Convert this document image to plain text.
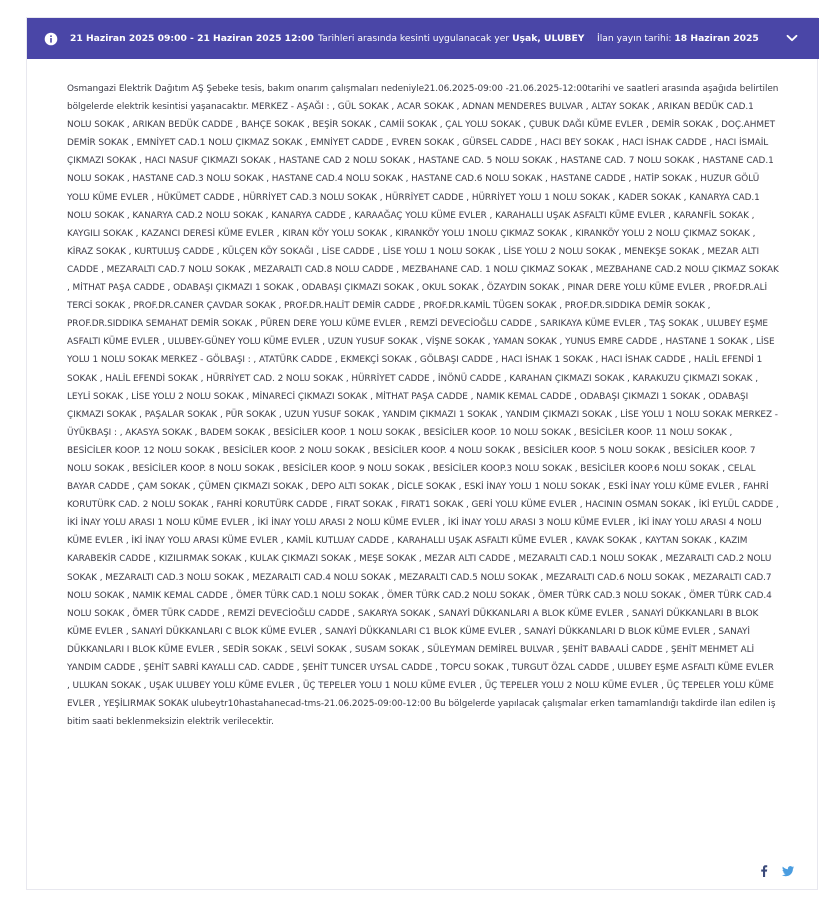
21 Haziran 2025 09:00 - 21 Haziran 2025 12:00 Tarihleri arasında kesinti uygulanacak yer Uşak, ULUBEY İlan yayın tarihi: 18 Haziran 2025
Osmangazi Elektrik Dağıtım AŞ Şebeke tesis, bakım onarım çalışmaları nedeniyle21.06.2025-09:00 -21.06.2025-12:00tarihi ve saatleri arasında aşağıda belirtilen bölgelerde elektrik kesintisi yaşanacaktır. MERKEZ - AŞAĞI : , GÜL SOKAK , ACAR SOKAK , ADNAN MENDERES BULVAR , ALTAY SOKAK , ARIKAN BEDÜK CAD.1 NOLU SOKAK , ARIKAN BEDÜK CADDE , BAHÇE SOKAK , BEŞİR SOKAK , CAMİİ SOKAK , ÇAL YOLU SOKAK , ÇUBUK DAĞI KÜME EVLER , DEMİR SOKAK , DOÇ.AHMET DEMİR SOKAK , EMNİYET CAD.1 NOLU ÇIKMAZ SOKAK , EMNİYET CADDE , EVREN SOKAK , GÜRSEL CADDE , HACI BEY SOKAK , HACI İSHAK CADDE , HACI İSMAİL ÇIKMAZI SOKAK , HACI NASUF ÇIKMAZI SOKAK , HASTANE CAD 2 NOLU SOKAK , HASTANE CAD. 5 NOLU SOKAK , HASTANE CAD. 7 NOLU SOKAK , HASTANE CAD.1 NOLU SOKAK , HASTANE CAD.3 NOLU SOKAK , HASTANE CAD.4 NOLU SOKAK , HASTANE CAD.6 NOLU SOKAK , HASTANE CADDE , HATİP SOKAK , HUZUR GÖLÜ YOLU KÜME EVLER , HÜKÜMET CADDE , HÜRRİYET CAD.3 NOLU SOKAK , HÜRRİYET CADDE , HÜRRİYET YOLU 1 NOLU SOKAK , KADER SOKAK , KANARYA CAD.1 NOLU SOKAK , KANARYA CAD.2 NOLU SOKAK , KANARYA CADDE , KARAAĞAÇ YOLU KÜME EVLER , KARAHALLI UŞAK ASFALTI KÜME EVLER , KARANFİL SOKAK , KAYGILI SOKAK , KAZANCI DERESİ KÜME EVLER , KIRAN KÖY YOLU SOKAK , KIRANKÖY YOLU 1NOLU ÇIKMAZ SOKAK , KIRANKÖY YOLU 2 NOLU ÇIKMAZ SOKAK , KİRAZ SOKAK , KURTULUŞ CADDE , KÜLÇEN KÖY SOKAĞI , LİSE CADDE , LİSE YOLU 1 NOLU SOKAK , LİSE YOLU 2 NOLU SOKAK , MENEKŞE SOKAK , MEZAR ALTI CADDE , MEZARALTI CAD.7 NOLU SOKAK , MEZARALTI CAD.8 NOLU CADDE , MEZBAHANE CAD. 1 NOLU ÇIKMAZ SOKAK , MEZBAHANE CAD.2 NOLU ÇIKMAZ SOKAK , MİTHAT PAŞA CADDE , ODABAŞI ÇIKMAZI 1 SOKAK , ODABAŞI ÇIKMAZI SOKAK , OKUL SOKAK , ÖZAYDIN SOKAK , PINAR DERE YOLU KÜME EVLER , PROF.DR.ALİ TERCİ SOKAK , PROF.DR.CANER ÇAVDAR SOKAK , PROF.DR.HALİT DEMİR CADDE , PROF.DR.KAMİL TÜGEN SOKAK , PROF.DR.SIDDIKA DEMİR SOKAK , PROF.DR.SIDDIKA SEMAHAT DEMİR SOKAK , PÜREN DERE YOLU KÜME EVLER , REMZİ DEVECİOĞLU CADDE , SARIKAYA KÜME EVLER , TAŞ SOKAK , ULUBEY EŞME ASFALTI KÜME EVLER , ULUBEY-GÜNEY YOLU KÜME EVLER , UZUN YUSUF SOKAK , VİŞNE SOKAK , YAMAN SOKAK , YUNUS EMRE CADDE , HASTANE 1 SOKAK , LİSE YOLU 1 NOLU SOKAK MERKEZ - GÖLBAŞI : , ATATÜRK CADDE , EKMEKÇİ SOKAK , GÖLBAŞI CADDE , HACI İSHAK 1 SOKAK , HACI İSHAK CADDE , HALİL EFENDİ 1 SOKAK , HALİL EFENDİ SOKAK , HÜRRİYET CAD. 2 NOLU SOKAK , HÜRRİYET CADDE , İNÖNÜ CADDE , KARAHAN ÇIKMAZI SOKAK , KARAKUZU ÇIKMAZI SOKAK , LEYLİ SOKAK , LİSE YOLU 2 NOLU SOKAK , MİNARECİ ÇIKMAZI SOKAK , MİTHAT PAŞA CADDE , NAMIK KEMAL CADDE , ODABAŞI ÇIKMAZI 1 SOKAK , ODABAŞI ÇIKMAZI SOKAK , PAŞALAR SOKAK , PÜR SOKAK , UZUN YUSUF SOKAK , YANDIM ÇIKMAZI 1 SOKAK , YANDIM ÇIKMAZI SOKAK , LİSE YOLU 1 NOLU SOKAK MERKEZ - ÜYÜKBAŞI : , AKASYA SOKAK , BADEM SOKAK , BESİCİLER KOOP. 1 NOLU SOKAK , BESİCİLER KOOP. 10 NOLU SOKAK , BESİCİLER KOOP. 11 NOLU SOKAK , BESİCİLER KOOP. 12 NOLU SOKAK , BESİCİLER KOOP. 2 NOLU SOKAK , BESİCİLER KOOP. 4 NOLU SOKAK , BESİCİLER KOOP. 5 NOLU SOKAK , BESİCİLER KOOP. 7 NOLU SOKAK , BESİCİLER KOOP. 8 NOLU SOKAK , BESİCİLER KOOP. 9 NOLU SOKAK , BESİCİLER KOOP.3 NOLU SOKAK , BESİCİLER KOOP.6 NOLU SOKAK , CELAL BAYAR CADDE , ÇAM SOKAK , ÇÜMEN ÇIKMAZI SOKAK , DEPO ALTI SOKAK , DİCLE SOKAK , ESKİ İNAY YOLU 1 NOLU SOKAK , ESKİ İNAY YOLU KÜME EVLER , FAHRİ KORUTÜRK CAD. 2 NOLU SOKAK , FAHRİ KORUTÜRK CADDE , FIRAT SOKAK , FIRAT1 SOKAK , GERİ YOLU KÜME EVLER , HACININ OSMAN SOKAK , İKİ EYLÜL CADDE , İKİ İNAY YOLU ARASI 1 NOLU KÜME EVLER , İKİ İNAY YOLU ARASI 2 NOLU KÜME EVLER , İKİ İNAY YOLU ARASI 3 NOLU KÜME EVLER , İKİ İNAY YOLU ARASI 4 NOLU KÜME EVLER , İKİ İNAY YOLU ARASI KÜME EVLER , KAMİL KUTLUAY CADDE , KARAHALLI UŞAK ASFALTI KÜME EVLER , KAVAK SOKAK , KAYTAN SOKAK , KAZIM KARABEKİR CADDE , KIZILIRMAK SOKAK , KULAK ÇIKMAZI SOKAK , MEŞE SOKAK , MEZAR ALTI CADDE , MEZARALTI CAD.1 NOLU SOKAK , MEZARALTI CAD.2 NOLU SOKAK , MEZARALTI CAD.3 NOLU SOKAK , MEZARALTI CAD.4 NOLU SOKAK , MEZARALTI CAD.5 NOLU SOKAK , MEZARALTI CAD.6 NOLU SOKAK , MEZARALTI CAD.7 NOLU SOKAK , NAMIK KEMAL CADDE , ÖMER TÜRK CAD.1 NOLU SOKAK , ÖMER TÜRK CAD.2 NOLU SOKAK , ÖMER TÜRK CAD.3 NOLU SOKAK , ÖMER TÜRK CAD.4 NOLU SOKAK , ÖMER TÜRK CADDE , REMZİ DEVECİOĞLU CADDE , SAKARYA SOKAK , SANAYİ DÜKKANLARI A BLOK KÜME EVLER , SANAYİ DÜKKANLARI B BLOK KÜME EVLER , SANAYİ DÜKKANLARI C BLOK KÜME EVLER , SANAYİ DÜKKANLARI C1 BLOK KÜME EVLER , SANAYİ DÜKKANLARI D BLOK KÜME EVLER , SANAYİ DÜKKANLARI I BLOK KÜME EVLER , SEDİR SOKAK , SELVİ SOKAK , SUSAM SOKAK , SÜLEYMAN DEMİREL BULVAR , ŞEHİT BABAALİ CADDE , ŞEHİT MEHMET ALİ YANDIM CADDE , ŞEHİT SABRİ KAYALLI CAD. CADDE , ŞEHİT TUNCER UYSAL CADDE , TOPCU SOKAK , TURGUT ÖZAL CADDE , ULUBEY EŞME ASFALTI KÜME EVLER , ULUKAN SOKAK , UŞAK ULUBEY YOLU KÜME EVLER , ÜÇ TEPELER YOLU 1 NOLU KÜME EVLER , ÜÇ TEPELER YOLU 2 NOLU KÜME EVLER , ÜÇ TEPELER YOLU KÜME EVLER , YEŞİLIRMAK SOKAK ulubeytr10hastahanecad-tms-21.06.2025-09:00-12:00 Bu bölgelerde yapılacak çalışmalar erken tamamlandığı takdirde ilan edilen iş bitim saati beklenmeksizin elektrik verilecektir.
